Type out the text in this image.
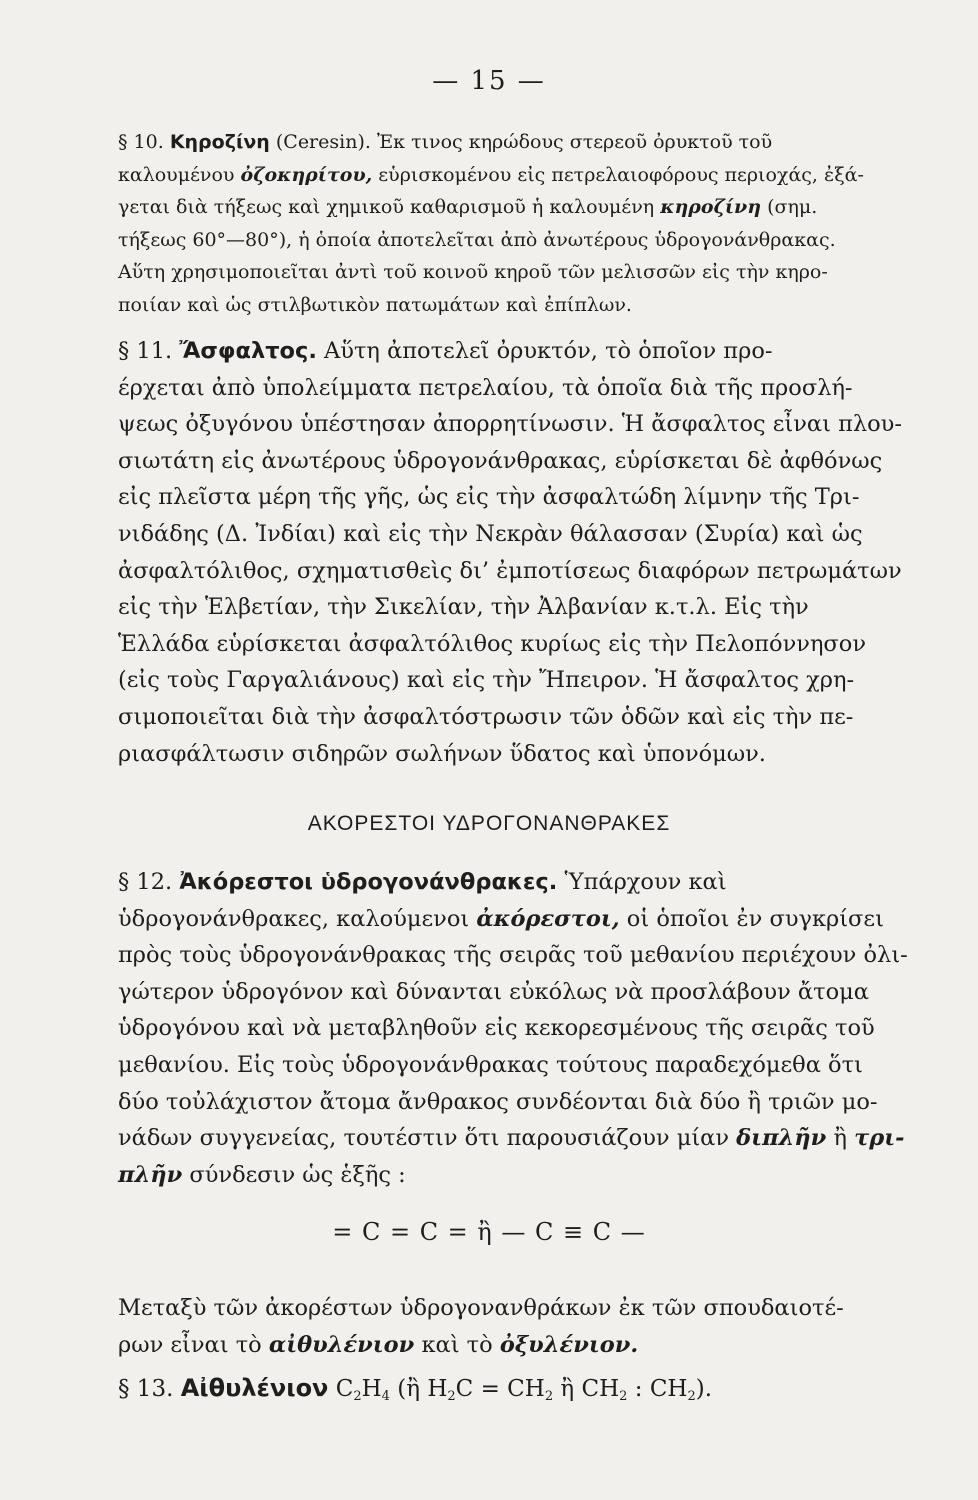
— 15 —
§ 10. Κηροζίνη (Ceresin). Ἐκ τινος κηρώδους στερεοῦ ὀρυκτοῦ τοῦ
καλουμένου ὀζοκηρίτου, εὑρισκομένου εἰς πετρελαιοφόρους περιοχάς, ἐξά-
γεται διὰ τήξεως καὶ χημικοῦ καθαρισμοῦ ἡ καλουμένη κηροζίνη (σημ.
τήξεως 60°—80°), ἡ ὁποία ἀποτελεῖται ἀπὸ ἀνωτέρους ὑδρογονάνθρακας.
Αὕτη χρησιμοποιεῖται ἀντὶ τοῦ κοινοῦ κηροῦ τῶν μελισσῶν εἰς τὴν κηρο-
ποιίαν καὶ ὡς στιλβωτικὸν πατωμάτων καὶ ἐπίπλων.
§ 11. Ἄσφαλτος. Αὕτη ἀποτελεῖ ὀρυκτόν, τὸ ὁποῖον προ-
έρχεται ἀπὸ ὑπολείμματα πετρελαίου, τὰ ὁποῖα διὰ τῆς προσλή-
ψεως ὀξυγόνου ὑπέστησαν ἀπορρητίνωσιν. Ἡ ἄσφαλτος εἶναι πλου-
σιωτάτη εἰς ἀνωτέρους ὑδρογονάνθρακας, εὑρίσκεται δὲ ἀφθόνως
εἰς πλεῖστα μέρη τῆς γῆς, ὡς εἰς τὴν ἀσφαλτώδη λίμνην τῆς Τρι-
νιδάδης (Δ. Ἰνδίαι) καὶ εἰς τὴν Νεκρὰν θάλασσαν (Συρία) καὶ ὡς
ἀσφαλτόλιθος, σχηματισθεὶς δι’ ἐμποτίσεως διαφόρων πετρωμάτων
εἰς τὴν Ἑλβετίαν, τὴν Σικελίαν, τὴν Ἀλβανίαν κ.τ.λ. Εἰς τὴν
Ἑλλάδα εὑρίσκεται ἀσφαλτόλιθος κυρίως εἰς τὴν Πελοπόννησον
(εἰς τοὺς Γαργαλιάνους) καὶ εἰς τὴν Ἤπειρον. Ἡ ἄσφαλτος χρη-
σιμοποιεῖται διὰ τὴν ἀσφαλτόστρωσιν τῶν ὁδῶν καὶ εἰς τὴν πε-
ριασφάλτωσιν σιδηρῶν σωλήνων ὕδατος καὶ ὑπονόμων.
ΑΚΟΡΕΣΤΟΙ ΥΔΡΟΓΟΝΑΝΘΡΑΚΕΣ
§ 12. Ἀκόρεστοι ὑδρογονάνθρακες. Ὑπάρχουν καὶ
ὑδρογονάνθρακες, καλούμενοι ἀκόρεστοι, οἱ ὁποῖοι ἐν συγκρίσει
πρὸς τοὺς ὑδρογονάνθρακας τῆς σειρᾶς τοῦ μεθανίου περιέχουν ὀλι-
γώτερον ὑδρογόνον καὶ δύνανται εὐκόλως νὰ προσλάβουν ἄτομα
ὑδρογόνου καὶ νὰ μεταβληθοῦν εἰς κεκορεσμένους τῆς σειρᾶς τοῦ
μεθανίου. Εἰς τοὺς ὑδρογονάνθρακας τούτους παραδεχόμεθα ὅτι
δύο τοὐλάχιστον ἄτομα ἄνθρακος συνδέονται διὰ δύο ἢ τριῶν μο-
νάδων συγγενείας, τουτέστιν ὅτι παρουσιάζουν μίαν διπλῆν ἢ τρι-
πλῆν σύνδεσιν ὡς ἑξῆς :
= C = C = ἢ — C ≡ C —
Μεταξὺ τῶν ἀκορέστων ὑδρογονανθράκων ἐκ τῶν σπουδαιοτέ-
ρων εἶναι τὸ αἰθυλένιον καὶ τὸ ὀξυλένιον.
§ 13. Αἰθυλένιον $C_2H_4$ (ἢ $H_2C = CH_2$ ἢ $CH_2$ : $CH_2$).
